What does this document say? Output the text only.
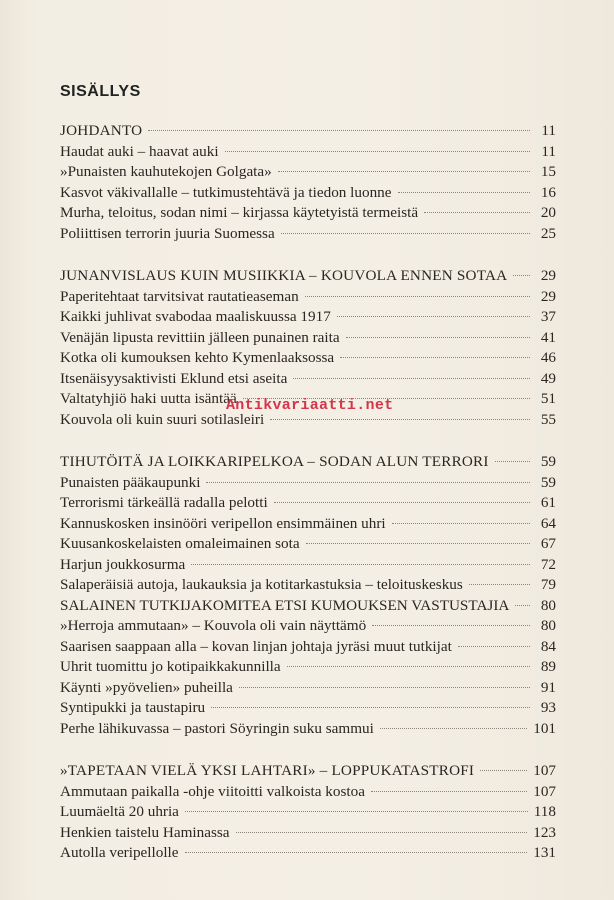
SISÄLLYS
JOHDANTO	11
Haudat auki – haavat auki	11
»Punaisten kauhutekojen Golgata»	15
Kasvot väkivallalle – tutkimustehtävä ja tiedon luonne	16
Murha, teloitus, sodan nimi – kirjassa käytetyistä termeistä	20
Poliittisen terrorin juuria Suomessa	25
JUNANVISLAUS KUIN MUSIIKKIA – KOUVOLA ENNEN SOTAA	29
Paperitehtaat tarvitsivat rautatieaseman	29
Kaikki juhlivat svabodaa maaliskuussa 1917	37
Venäjän lipusta revittiin jälleen punainen raita	41
Kotka oli kumouksen kehto Kymenlaaksossa	46
Itsenäisyysaktivisti Eklund etsi aseita	49
Valtatyhjiö haki uutta isäntää	51
Kouvola oli kuin suuri sotilasleiri	55
TIHUTÖITÄ JA LOIKKARIPELKOA – SODAN ALUN TERRORI	59
Punaisten pääkaupunki	59
Terrorismi tärkeällä radalla pelotti	61
Kannuskosken insinööri veripellon ensimmäinen uhri	64
Kuusankoskelaisten omaleimainen sota	67
Harjun joukkosurma	72
Salaperäisiä autoja, laukauksia ja kotitarkastuksia – teloituskeskus	79
SALAINEN TUTKIJAKOMITEA ETSI KUMOUKSEN VASTUSTAJIA	80
»Herroja ammutaan» – Kouvola oli vain näyttämö	80
Saarisen saappaan alla – kovan linjan johtaja jyräsi muut tutkijat	84
Uhrit tuomittu jo kotipaikkakunnilla	89
Käynti »pyövelien» puheilla	91
Syntipukki ja taustapiru	93
Perhe lähikuvassa – pastori Söyringin suku sammui	101
»TAPETAAN VIELÄ YKSI LAHTARI» – LOPPUKATASTROFI	107
Ammutaan paikalla -ohje viitoitti valkoista kostoa	107
Luumäeltä 20 uhria	118
Henkien taistelu Haminassa	123
Autolla veripellolle	131
Antikvariaatti.net
